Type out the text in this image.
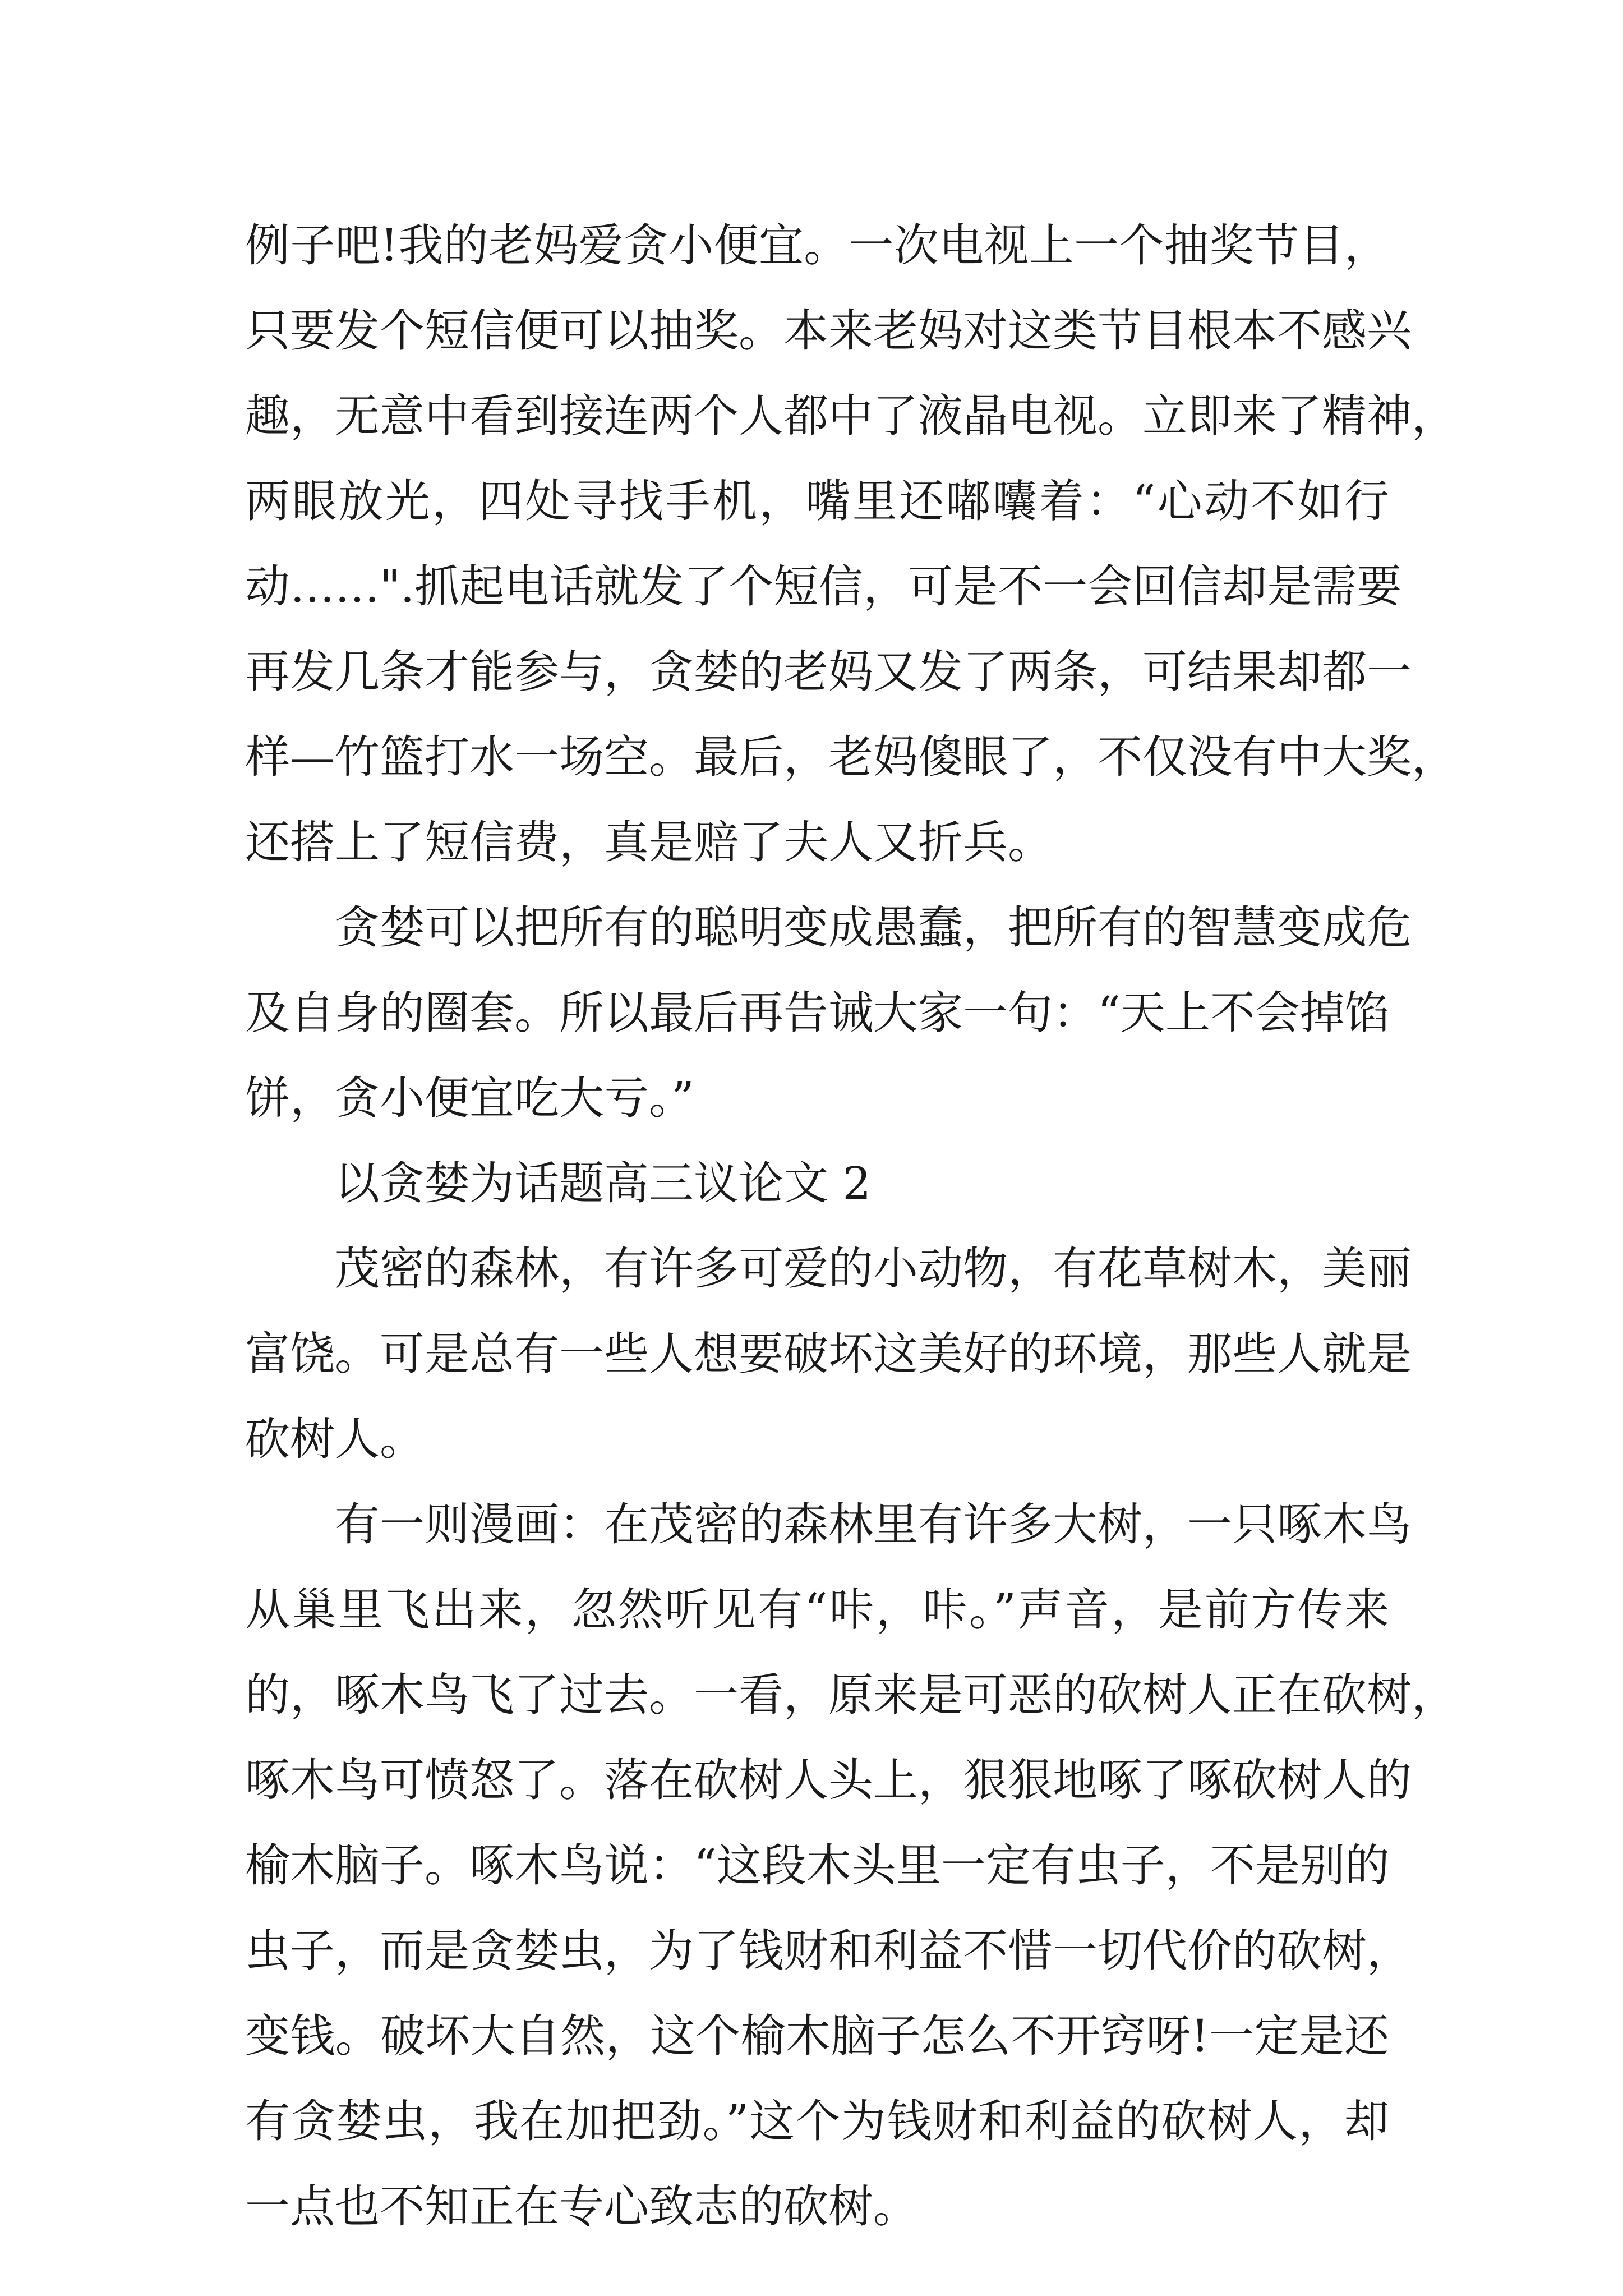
例子吧!我的老妈爱贪小便宜。一次电视上一个抽奖节目，
只要发个短信便可以抽奖。本来老妈对这类节目根本不感兴
趣，无意中看到接连两个人都中了液晶电视。立即来了精神，
两眼放光，四处寻找手机，嘴里还嘟囔着：“心动不如行
动……".抓起电话就发了个短信，可是不一会回信却是需要
再发几条才能参与，贪婪的老妈又发了两条，可结果却都一
样—竹篮打水一场空。最后，老妈傻眼了，不仅没有中大奖，
还搭上了短信费，真是赔了夫人又折兵。
贪婪可以把所有的聪明变成愚蠢，把所有的智慧变成危
及自身的圈套。所以最后再告诫大家一句：“天上不会掉馅
饼，贪小便宜吃大亏。”
以贪婪为话题高三议论文 2
茂密的森林，有许多可爱的小动物，有花草树木，美丽
富饶。可是总有一些人想要破坏这美好的环境，那些人就是
砍树人。
有一则漫画：在茂密的森林里有许多大树，一只啄木鸟
从巢里飞出来，忽然听见有“咔，咔。”声音，是前方传来
的，啄木鸟飞了过去。一看，原来是可恶的砍树人正在砍树，
啄木鸟可愤怒了。落在砍树人头上，狠狠地啄了啄砍树人的
榆木脑子。啄木鸟说：“这段木头里一定有虫子，不是别的
虫子，而是贪婪虫，为了钱财和利益不惜一切代价的砍树，
变钱。破坏大自然，这个榆木脑子怎么不开窍呀!一定是还
有贪婪虫，我在加把劲。”这个为钱财和利益的砍树人，却
一点也不知正在专心致志的砍树。
